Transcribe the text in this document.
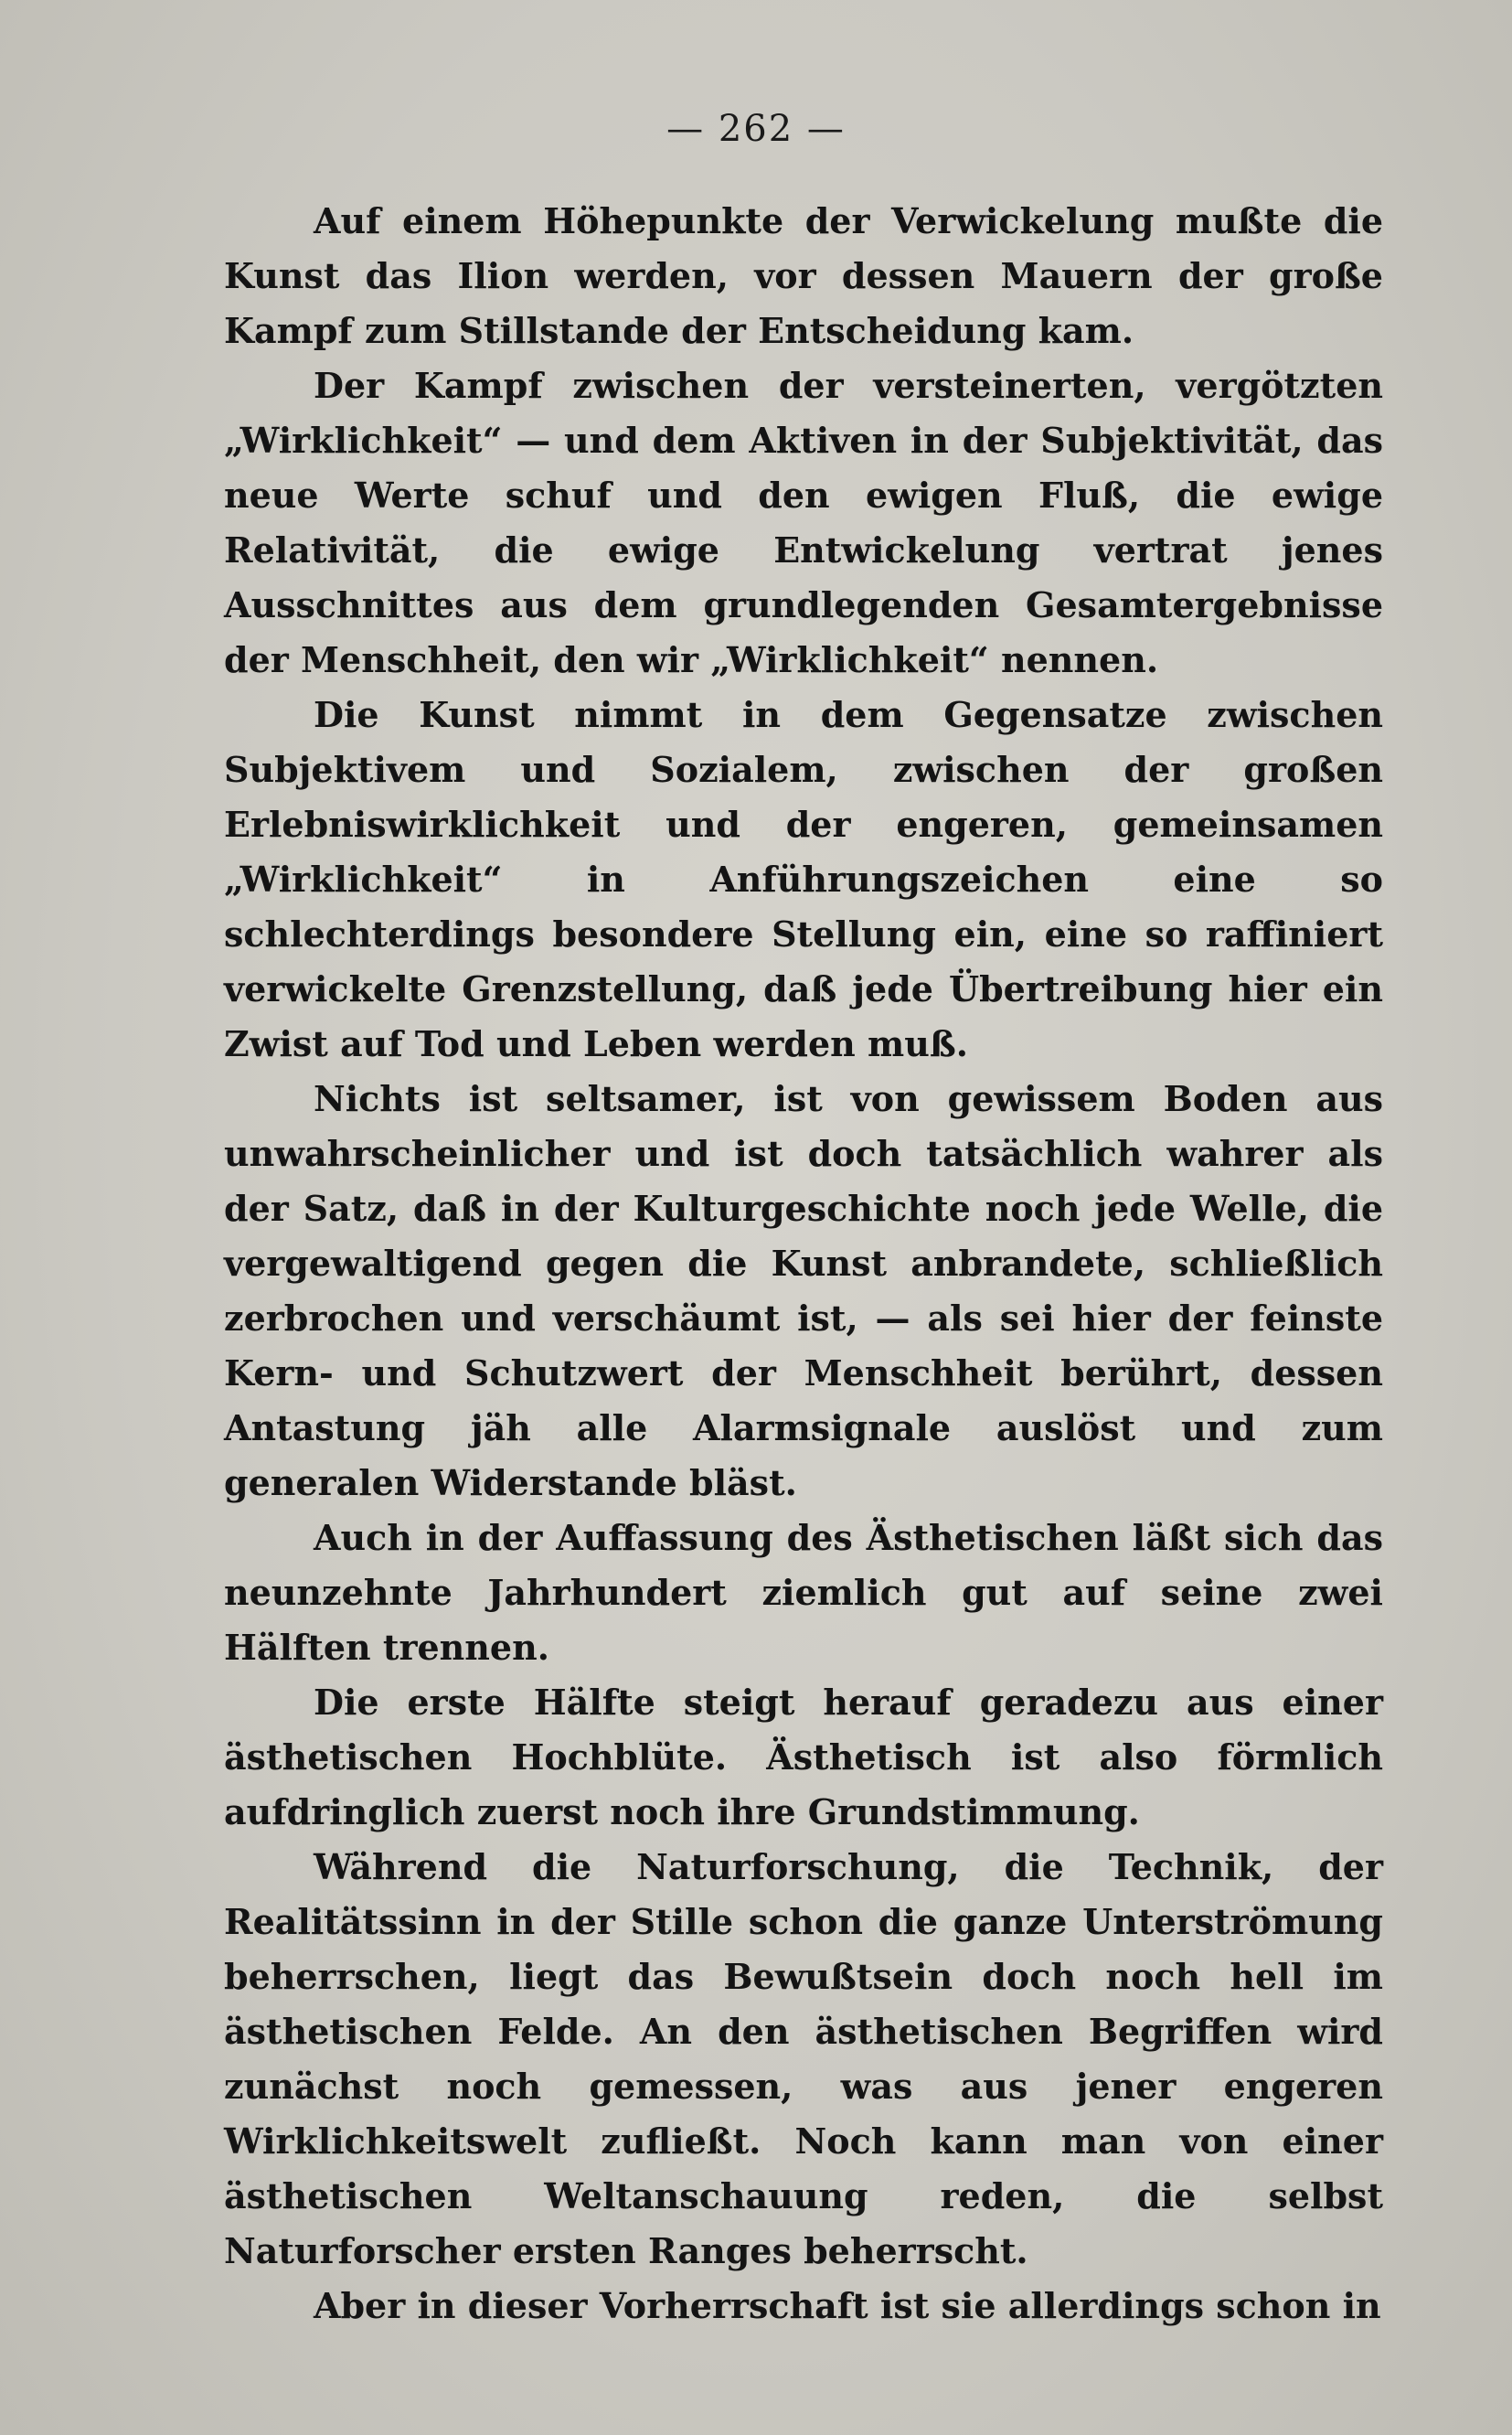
— 262 —

Auf einem Höhepunkte der Verwickelung mußte die Kunst das Ilion werden, vor dessen Mauern der große Kampf zum Stillstande der Entscheidung kam.

Der Kampf zwischen der versteinerten, vergötzten „Wirklichkeit“ — und dem Aktiven in der Subjektivität, das neue Werte schuf und den ewigen Fluß, die ewige Relativität, die ewige Entwickelung vertrat jenes Ausschnittes aus dem grundlegenden Gesamtergebnisse der Menschheit, den wir „Wirklichkeit“ nennen.

Die Kunst nimmt in dem Gegensatze zwischen Subjektivem und Sozialem, zwischen der großen Erlebniswirklichkeit und der engeren, gemeinsamen „Wirklichkeit“ in Anführungszeichen eine so schlechterdings besondere Stellung ein, eine so raffiniert verwickelte Grenzstellung, daß jede Übertreibung hier ein Zwist auf Tod und Leben werden muß.

Nichts ist seltsamer, ist von gewissem Boden aus unwahrscheinlicher und ist doch tatsächlich wahrer als der Satz, daß in der Kulturgeschichte noch jede Welle, die vergewaltigend gegen die Kunst anbrandete, schließlich zerbrochen und verschäumt ist, — als sei hier der feinste Kern- und Schutzwert der Menschheit berührt, dessen Antastung jäh alle Alarmsignale auslöst und zum generalen Widerstande bläst.

Auch in der Auffassung des Ästhetischen läßt sich das neunzehnte Jahrhundert ziemlich gut auf seine zwei Hälften trennen.

Die erste Hälfte steigt herauf geradezu aus einer ästhetischen Hochblüte. Ästhetisch ist also förmlich aufdringlich zuerst noch ihre Grundstimmung.

Während die Naturforschung, die Technik, der Realitätssinn in der Stille schon die ganze Unterströmung beherrschen, liegt das Bewußtsein doch noch hell im ästhetischen Felde. An den ästhetischen Begriffen wird zunächst noch gemessen, was aus jener engeren Wirklichkeitswelt zufließt. Noch kann man von einer ästhetischen Weltanschauung reden, die selbst Naturforscher ersten Ranges beherrscht.

Aber in dieser Vorherrschaft ist sie allerdings schon in
